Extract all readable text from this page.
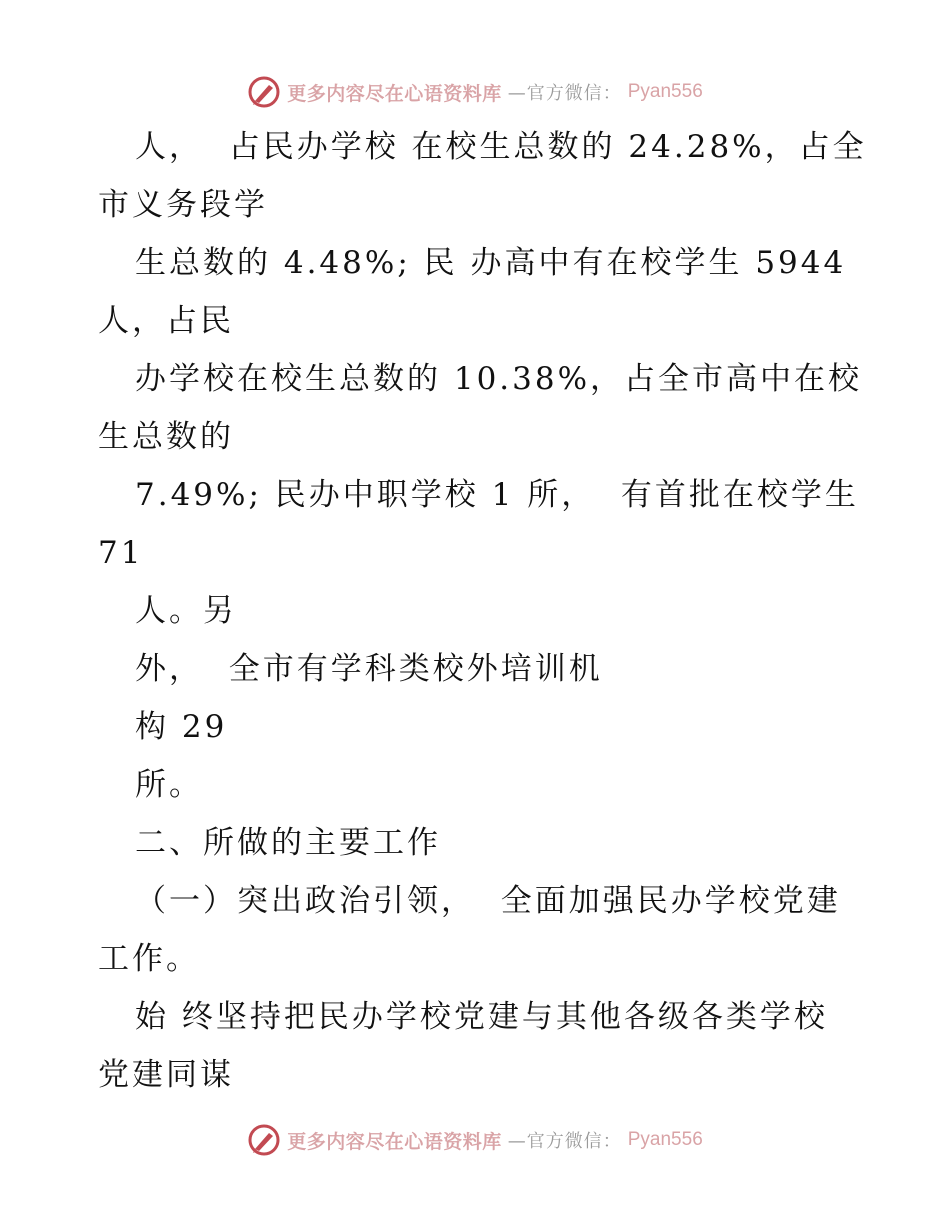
更多内容尽在心语资料库 —官方微信： Pyan556
人，  占民办学校 在校生总数的 24.28%，占全
市义务段学
生总数的 4.48%; 民 办高中有在校学生 5944
人，占民
办学校在校生总数的 10.38%，占全市高中在校
生总数的
7.49%; 民办中职学校 1 所，  有首批在校学生
71
人。另
外，  全市有学科类校外培训机
构 29
所。
二、所做的主要工作
（一）突出政治引领，  全面加强民办学校党建
工作。
始 终坚持把民办学校党建与其他各级各类学校
党建同谋
更多内容尽在心语资料库 —官方微信： Pyan556
